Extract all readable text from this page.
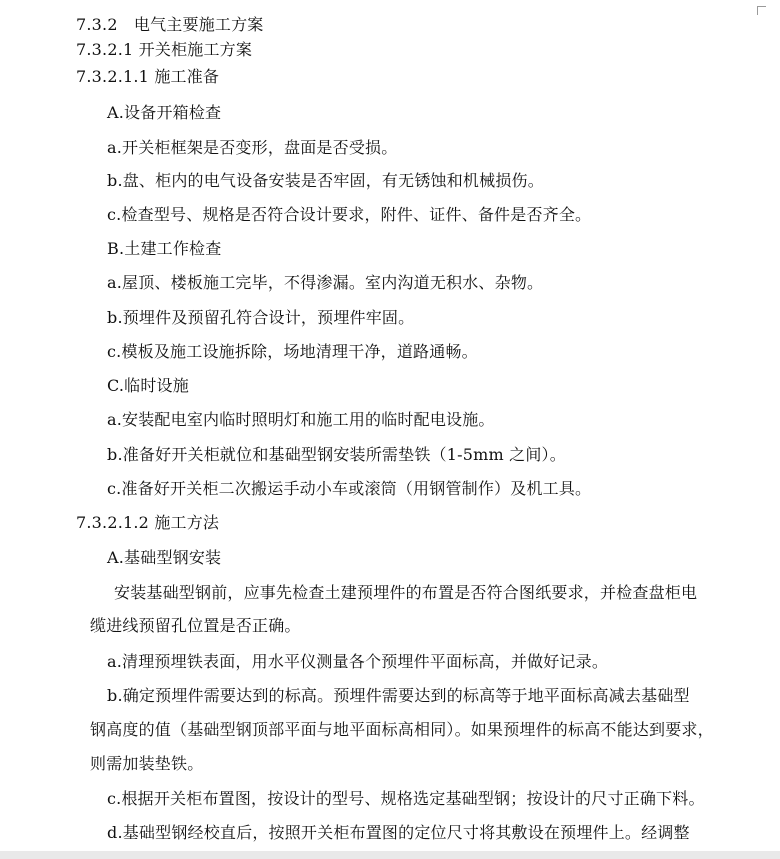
7.3.2　电气主要施工方案
7.3.2.1 开关柜施工方案
7.3.2.1.1 施工准备
A.设备开箱检查
a.开关柜框架是否变形，盘面是否受损。
b.盘、柜内的电气设备安装是否牢固，有无锈蚀和机械损伤。
c.检查型号、规格是否符合设计要求，附件、证件、备件是否齐全。
B.土建工作检查
a.屋顶、楼板施工完毕，不得渗漏。室内沟道无积水、杂物。
b.预埋件及预留孔符合设计，预埋件牢固。
c.模板及施工设施拆除，场地清理干净，道路通畅。
C.临时设施
a.安装配电室内临时照明灯和施工用的临时配电设施。
b.准备好开关柜就位和基础型钢安装所需垫铁（1-5mm 之间）。
c.准备好开关柜二次搬运手动小车或滚筒（用钢管制作）及机工具。
7.3.2.1.2 施工方法
A.基础型钢安装
安装基础型钢前，应事先检查土建预埋件的布置是否符合图纸要求，并检查盘柜电
缆进线预留孔位置是否正确。
a.清理预埋铁表面，用水平仪测量各个预埋件平面标高，并做好记录。
b.确定预埋件需要达到的标高。预埋件需要达到的标高等于地平面标高减去基础型
钢高度的值（基础型钢顶部平面与地平面标高相同）。如果预埋件的标高不能达到要求，
则需加装垫铁。
c.根据开关柜布置图，按设计的型号、规格选定基础型钢；按设计的尺寸正确下料。
d.基础型钢经校直后，按照开关柜布置图的定位尺寸将其敷设在预埋件上。经调整
